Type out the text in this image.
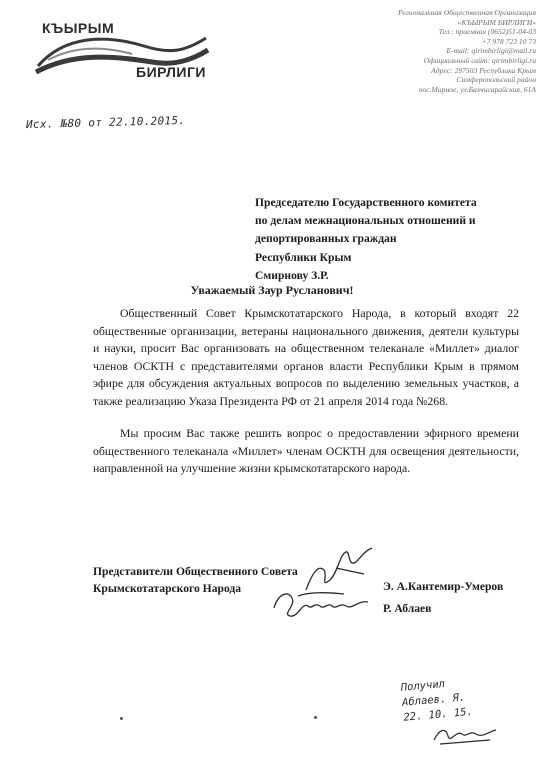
КЪЫРЫМ
БИРЛИГИ
Региональная Общественная Организация
«КЪЫРЫМ БИРЛИГИ»
Тел.: приемная (0652)51-04-03
+7 978 723 10 73
E-mail: qirimbirligi@mail.ru
Официальный сайт: qirimbirligi.ru
Адрес: 297503 Республика Крым
Симферопольский район
пос.Мирное, ул.Бахчисарайская, 61А
Исх. №80 от 22.10.2015.
Председателю Государственного комитета
по делам межнациональных отношений и
депортированных граждан
Республики Крым
Смирнову З.Р.
Уважаемый Заур Русланович!

Общественный Совет Крымскотатарского Народа, в который входят 22 общественные организации, ветераны национального движения, деятели культуры и науки, просит Вас организовать на общественном телеканале «Миллет» диалог членов ОСКТН с представителями органов власти Республики Крым в прямом эфире для обсуждения актуальных вопросов по выделению земельных участков, а также реализацию Указа Президента РФ от 21 апреля 2014 года №268.

Мы просим Вас также решить вопрос о предоставлении эфирного времени общественного телеканала «Миллет» членам ОСКТН для освещения деятельности, направленной на улучшение жизни крымскотатарского народа.

Представители Общественного Совета
Крымскотатарского Народа	Э. А.Кантемир-Умеров
Р. Аблаев
Получил
Аблаев. Я.
22. 10. 15.
